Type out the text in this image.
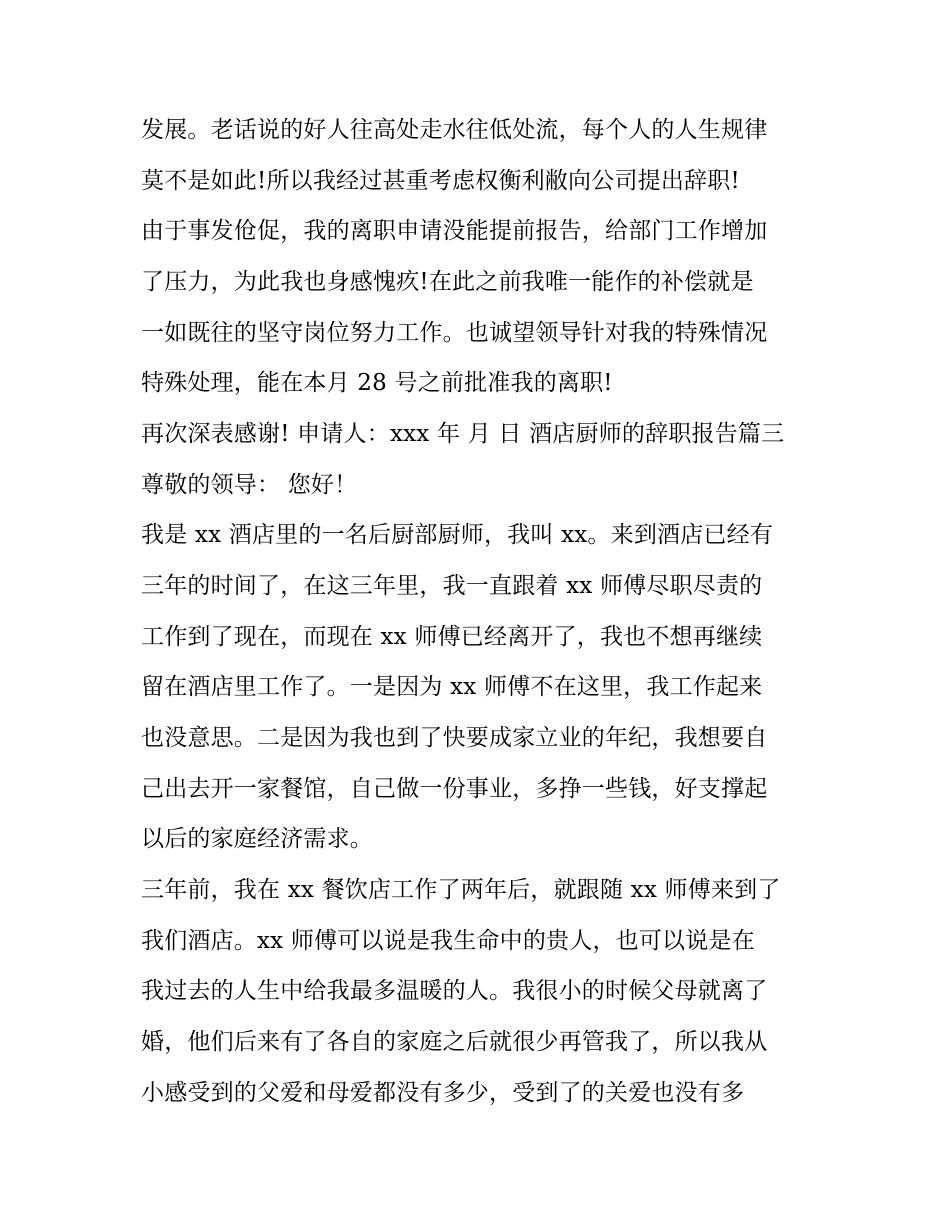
发展。老话说的好人往高处走水往低处流，每个人的人生规律
莫不是如此!所以我经过甚重考虑权衡利敝向公司提出辞职!
由于事发伧促，我的离职申请没能提前报告，给部门工作增加
了压力，为此我也身感愧疚!在此之前我唯一能作的补偿就是
一如既往的坚守岗位努力工作。也诚望领导针对我的特殊情况
特殊处理，能在本月 28 号之前批准我的离职!
再次深表感谢! 申请人：xxx 年 月 日 酒店厨师的辞职报告篇三
尊敬的领导： 您好！
我是 xx 酒店里的一名后厨部厨师，我叫 xx。来到酒店已经有
三年的时间了，在这三年里，我一直跟着 xx 师傅尽职尽责的
工作到了现在，而现在 xx 师傅已经离开了，我也不想再继续
留在酒店里工作了。一是因为 xx 师傅不在这里，我工作起来
也没意思。二是因为我也到了快要成家立业的年纪，我想要自
己出去开一家餐馆，自己做一份事业，多挣一些钱，好支撑起
以后的家庭经济需求。
三年前，我在 xx 餐饮店工作了两年后，就跟随 xx 师傅来到了
我们酒店。xx 师傅可以说是我生命中的贵人，也可以说是在
我过去的人生中给我最多温暖的人。我很小的时候父母就离了
婚，他们后来有了各自的家庭之后就很少再管我了，所以我从
小感受到的父爱和母爱都没有多少，受到了的关爱也没有多
